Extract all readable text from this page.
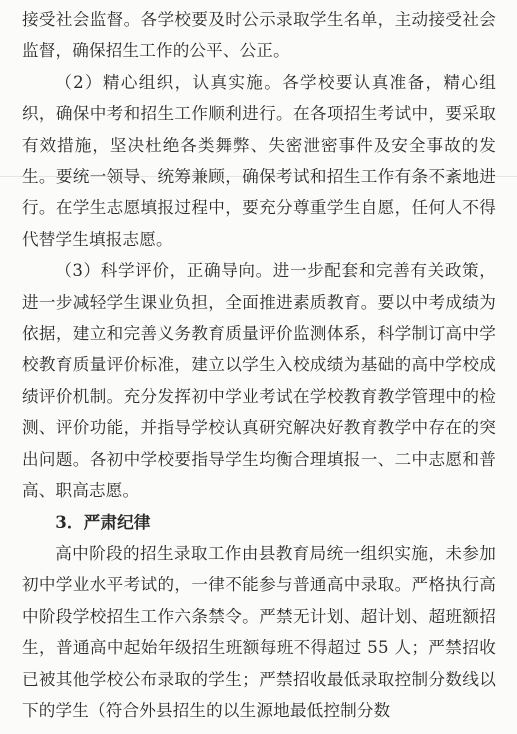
接受社会监督。各学校要及时公示录取学生名单，主动接受社会监督，确保招生工作的公平、公正。

（2）精心组织，认真实施。各学校要认真准备，精心组织，确保中考和招生工作顺利进行。在各项招生考试中，要采取有效措施，坚决杜绝各类舞弊、失密泄密事件及安全事故的发生。要统一领导、统筹兼顾，确保考试和招生工作有条不紊地进行。在学生志愿填报过程中，要充分尊重学生自愿，任何人不得代替学生填报志愿。

（3）科学评价，正确导向。进一步配套和完善有关政策，进一步减轻学生课业负担，全面推进素质教育。要以中考成绩为依据，建立和完善义务教育质量评价监测体系，科学制订高中学校教育质量评价标准，建立以学生入校成绩为基础的高中学校成绩评价机制。充分发挥初中学业考试在学校教育教学管理中的检测、评价功能，并指导学校认真研究解决好教育教学中存在的突出问题。各初中学校要指导学生均衡合理填报一、二中志愿和普高、职高志愿。

3．严肃纪律

高中阶段的招生录取工作由县教育局统一组织实施，未参加初中学业水平考试的，一律不能参与普通高中录取。严格执行高中阶段学校招生工作六条禁令。严禁无计划、超计划、超班额招生，普通高中起始年级招生班额每班不得超过 55 人；严禁招收已被其他学校公布录取的学生；严禁招收最低录取控制分数线以下的学生（符合外县招生的以生源地最低控制分数
